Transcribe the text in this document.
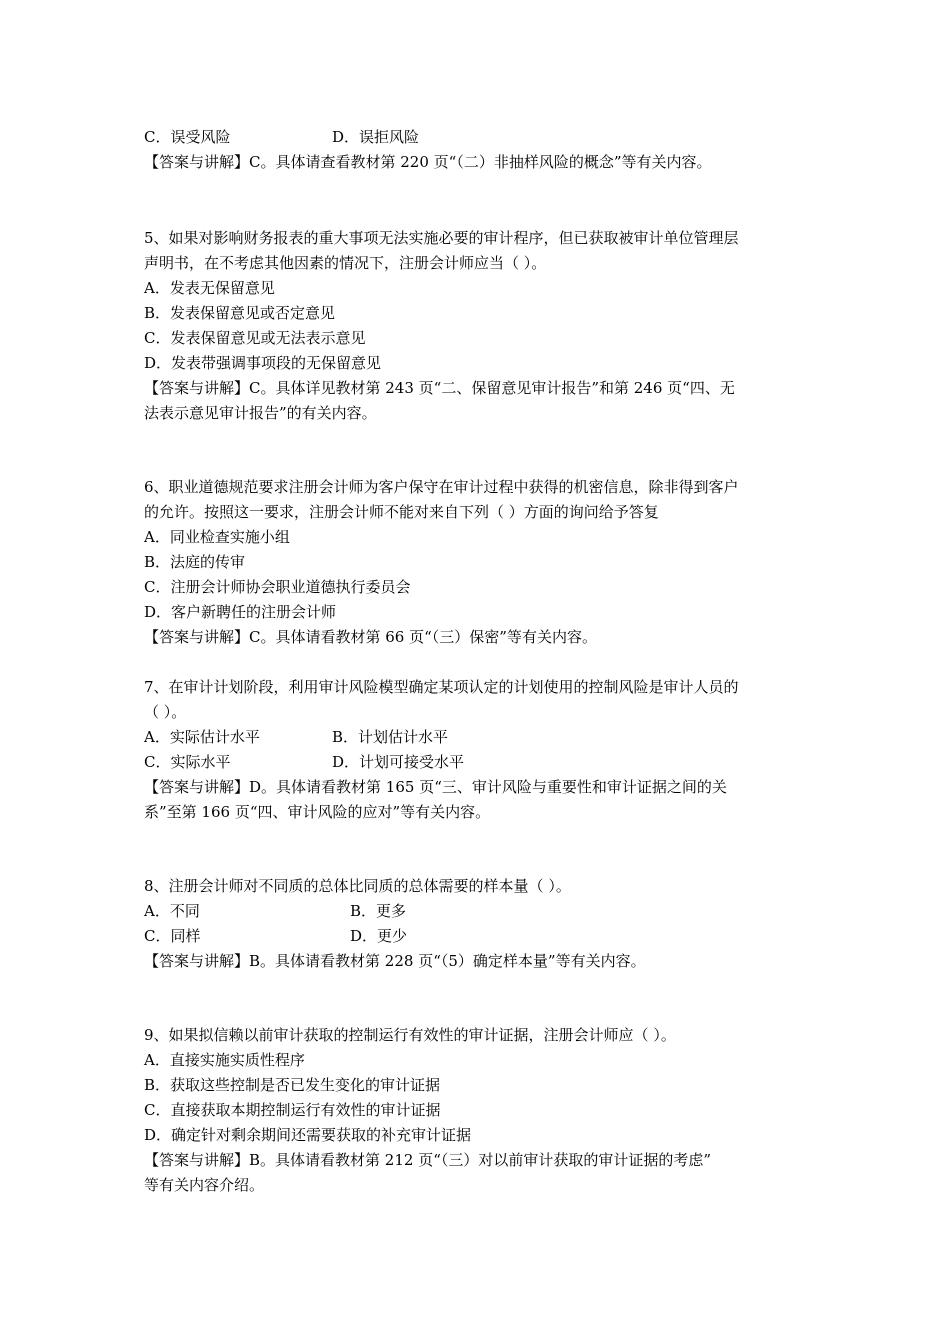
C．误受风险	D．误拒风险
【答案与讲解】C。具体请查看教材第 220 页“（二）非抽样风险的概念”等有关内容。
5、如果对影响财务报表的重大事项无法实施必要的审计程序，但已获取被审计单位管理层
声明书，在不考虑其他因素的情况下，注册会计师应当（ ）。
A．发表无保留意见
B．发表保留意见或否定意见
C．发表保留意见或无法表示意见
D．发表带强调事项段的无保留意见
【答案与讲解】C。具体详见教材第 243 页“二、保留意见审计报告”和第 246 页“四、无
法表示意见审计报告”的有关内容。
6、职业道德规范要求注册会计师为客户保守在审计过程中获得的机密信息，除非得到客户
的允许。按照这一要求，注册会计师不能对来自下列（ ）方面的询问给予答复
A．同业检查实施小组
B．法庭的传审
C．注册会计师协会职业道德执行委员会
D．客户新聘任的注册会计师
【答案与讲解】C。具体请看教材第 66 页“（三）保密”等有关内容。
7、在审计计划阶段，利用审计风险模型确定某项认定的计划使用的控制风险是审计人员的
（ ）。
A．实际估计水平	B．计划估计水平
C．实际水平	D．计划可接受水平
【答案与讲解】D。具体请看教材第 165 页“三、审计风险与重要性和审计证据之间的关
系”至第 166 页“四、审计风险的应对”等有关内容。
8、注册会计师对不同质的总体比同质的总体需要的样本量（ ）。
A．不同	B．更多
C．同样	D．更少
【答案与讲解】B。具体请看教材第 228 页“（5）确定样本量”等有关内容。
9、如果拟信赖以前审计获取的控制运行有效性的审计证据，注册会计师应（ ）。
A．直接实施实质性程序
B．获取这些控制是否已发生变化的审计证据
C．直接获取本期控制运行有效性的审计证据
D．确定针对剩余期间还需要获取的补充审计证据
【答案与讲解】B。具体请看教材第 212 页“（三）对以前审计获取的审计证据的考虑”
等有关内容介绍。
